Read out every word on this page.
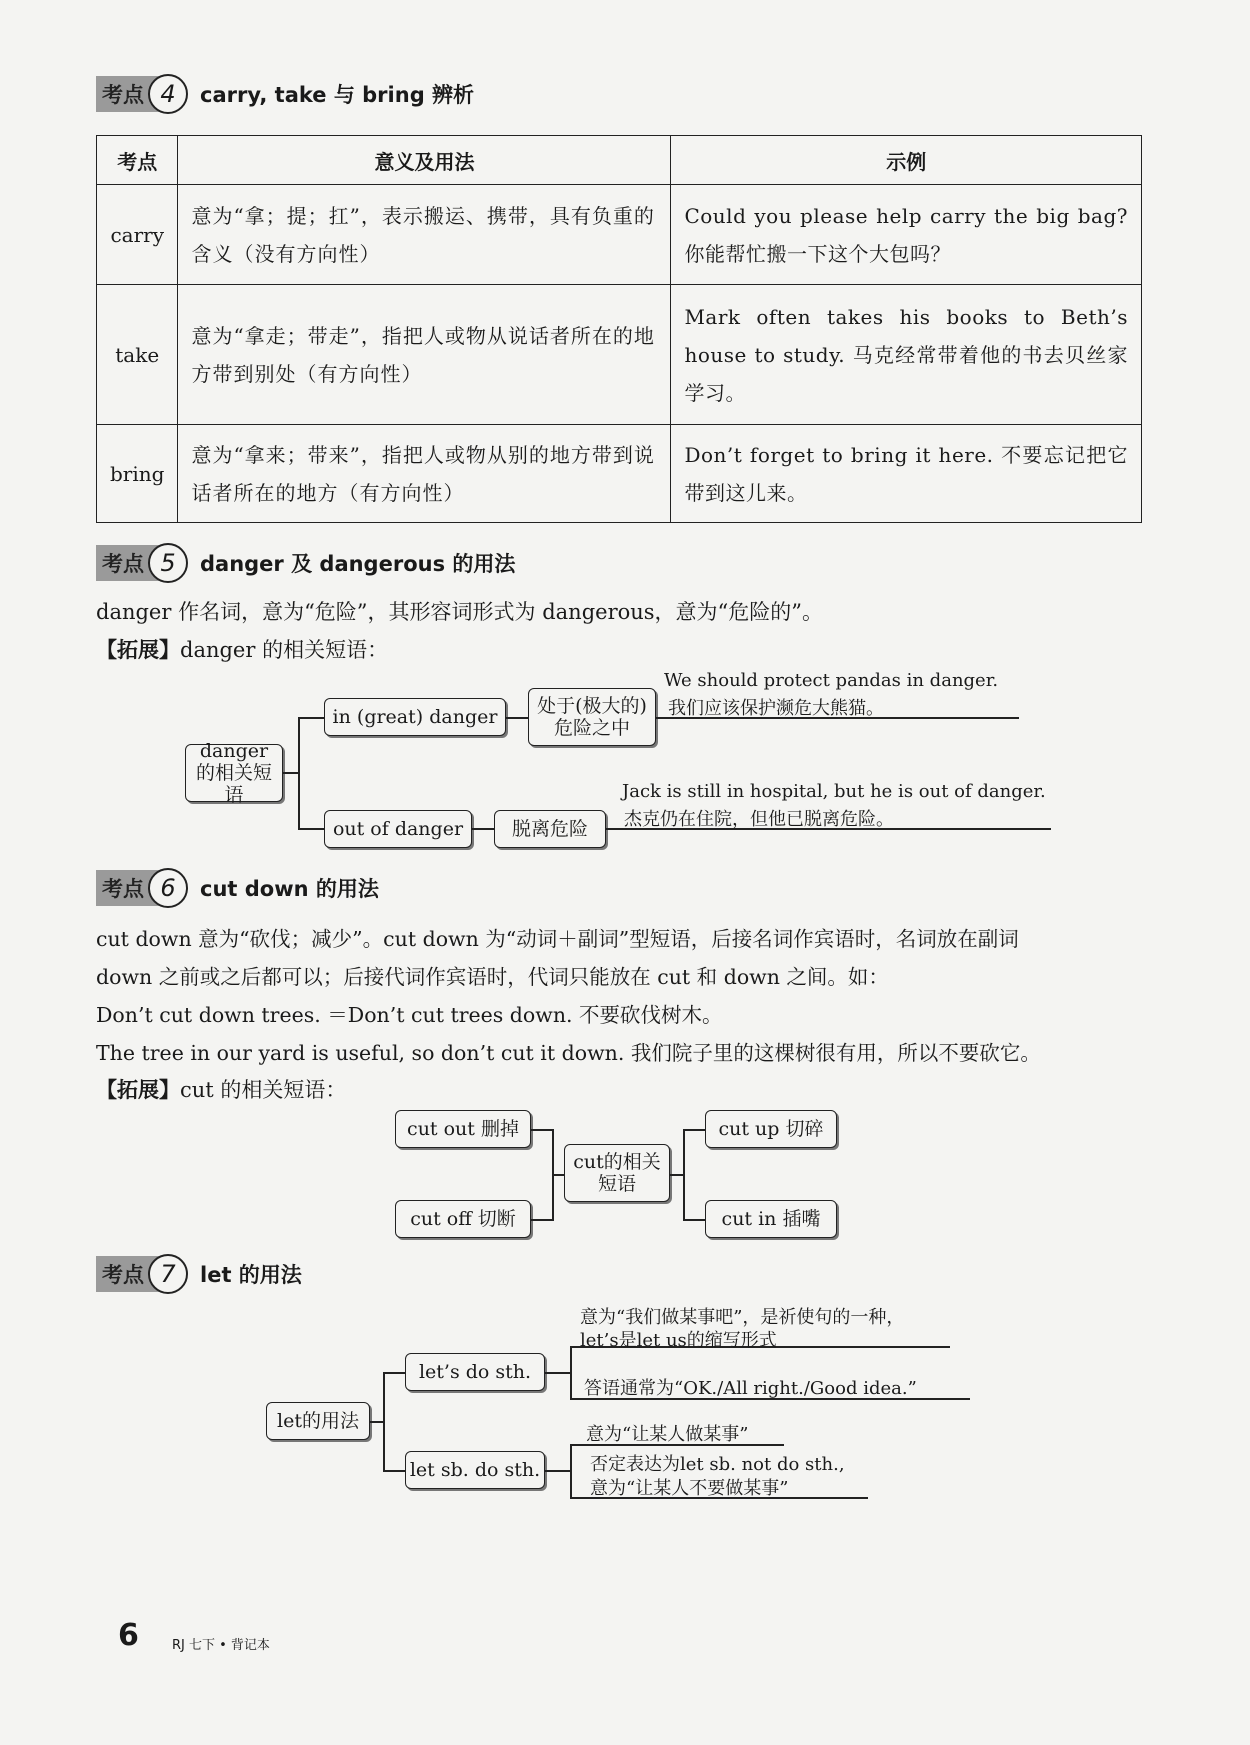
考点 4	carry, take 与 bring 辨析
考点	意义及用法	示例
carry	意为“拿；提；扛”，表示搬运、携带，具有负重的含义（没有方向性）	Could you please help carry the big bag? 你能帮忙搬一下这个大包吗？
take	意为“拿走；带走”，指把人或物从说话者所在的地方带到别处（有方向性）	Mark often takes his books to Beth’s house to study. 马克经常带着他的书去贝丝家学习。
bring	意为“拿来；带来”，指把人或物从别的地方带到说话者所在的地方（有方向性）	Don’t forget to bring it here. 不要忘记把它带到这儿来。
考点 5	danger 及 dangerous 的用法
danger 作名词，意为“危险”，其形容词形式为 dangerous，意为“危险的”。
【拓展】danger 的相关短语：
danger的相关短语
in (great) danger	处于(极大的)危险之中
We should protect pandas in danger.
我们应该保护濒危大熊猫。
out of danger	脱离危险
Jack is still in hospital, but he is out of danger.
杰克仍在住院，但他已脱离危险。
考点 6	cut down 的用法
cut down 意为“砍伐；减少”。cut down 为“动词＋副词”型短语，后接名词作宾语时，名词放在副词
down 之前或之后都可以；后接代词作宾语时，代词只能放在 cut 和 down 之间。如：
Don’t cut down trees. ＝Don’t cut trees down. 不要砍伐树木。
The tree in our yard is useful, so don’t cut it down. 我们院子里的这棵树很有用，所以不要砍它。
【拓展】cut 的相关短语：
cut out 删掉
cut off 切断
cut的相关短语
cut up 切碎
cut in 插嘴
考点 7	let 的用法
let的用法
let’s do sth.
let sb. do sth.
意为“我们做某事吧”，是祈使句的一种，
let’s是let us的缩写形式
答语通常为“OK./All right./Good idea.”
意为“让某人做某事”
否定表达为let sb. not do sth.,
意为“让某人不要做某事”
6	RJ 七下 • 背记本
